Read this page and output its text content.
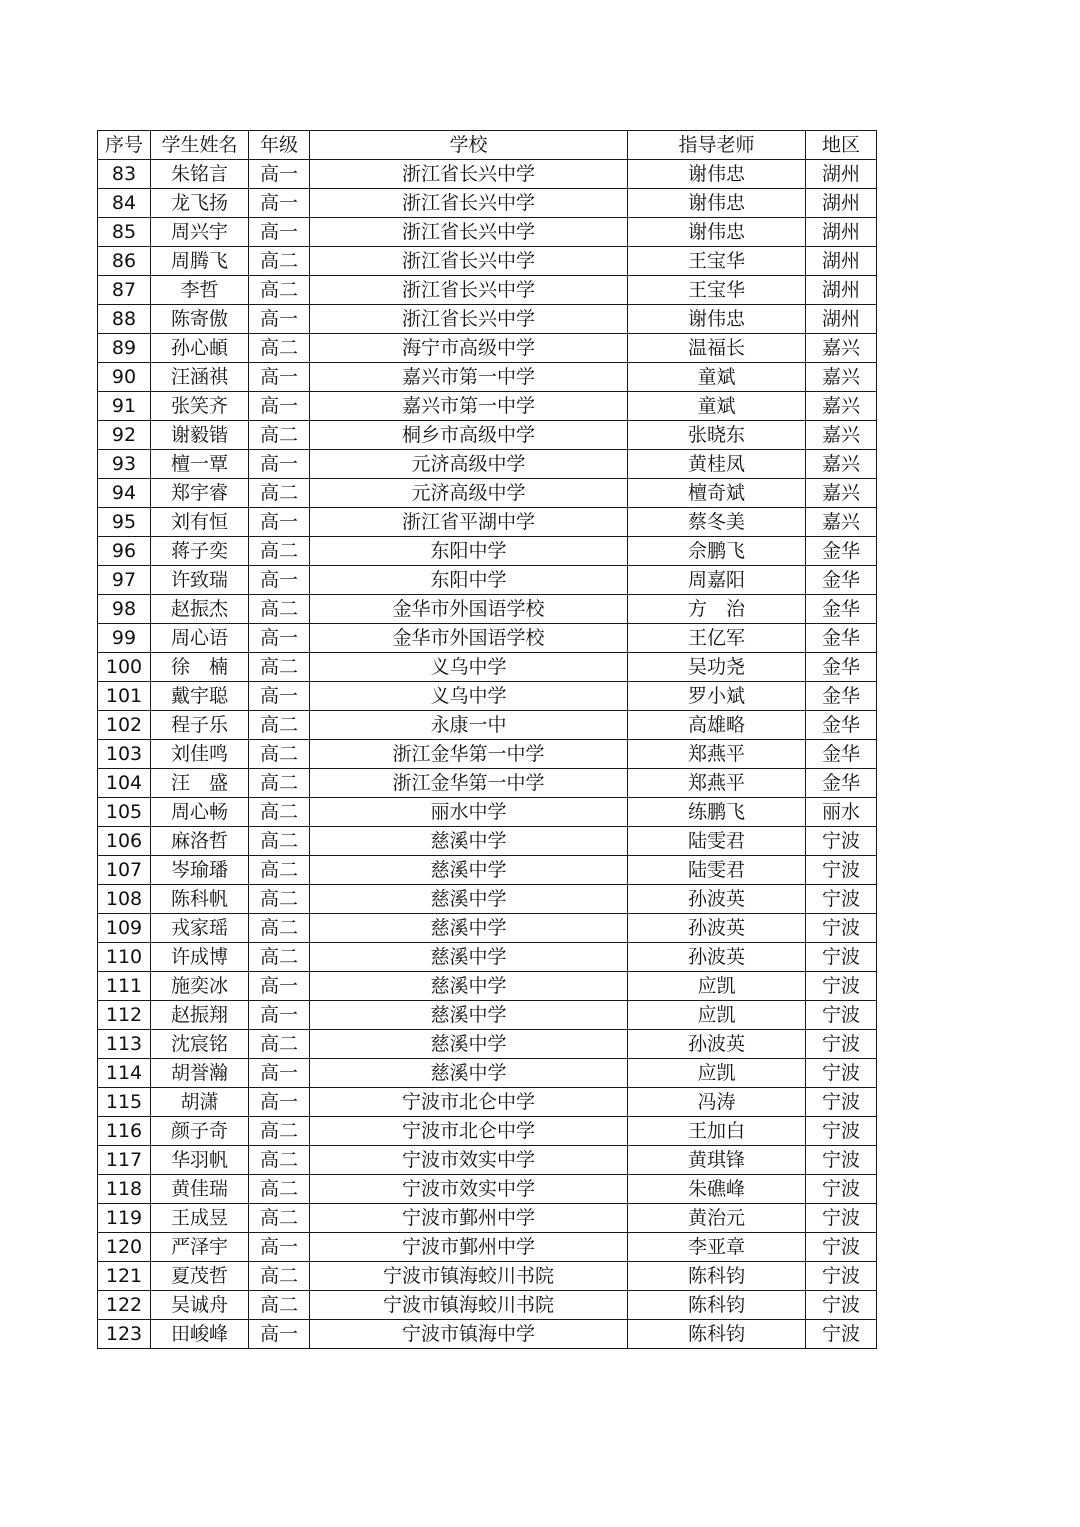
序号	学生姓名	年级	学校	指导老师	地区
83	朱铭言	高一	浙江省长兴中学	谢伟忠	湖州
84	龙飞扬	高一	浙江省长兴中学	谢伟忠	湖州
85	周兴宇	高一	浙江省长兴中学	谢伟忠	湖州
86	周腾飞	高二	浙江省长兴中学	王宝华	湖州
87	李哲	高二	浙江省长兴中学	王宝华	湖州
88	陈寄傲	高一	浙江省长兴中学	谢伟忠	湖州
89	孙心頔	高二	海宁市高级中学	温福长	嘉兴
90	汪涵祺	高一	嘉兴市第一中学	童斌	嘉兴
91	张笑齐	高一	嘉兴市第一中学	童斌	嘉兴
92	谢毅锴	高二	桐乡市高级中学	张晓东	嘉兴
93	檀一覃	高一	元济高级中学	黄桂凤	嘉兴
94	郑宇睿	高二	元济高级中学	檀奇斌	嘉兴
95	刘有恒	高一	浙江省平湖中学	蔡冬美	嘉兴
96	蒋子奕	高二	东阳中学	佘鹏飞	金华
97	许致瑞	高一	东阳中学	周嘉阳	金华
98	赵振杰	高二	金华市外国语学校	方　治	金华
99	周心语	高一	金华市外国语学校	王亿军	金华
100	徐　楠	高二	义乌中学	吴功尧	金华
101	戴宇聪	高一	义乌中学	罗小斌	金华
102	程子乐	高二	永康一中	高雄略	金华
103	刘佳鸣	高二	浙江金华第一中学	郑燕平	金华
104	汪　盛	高二	浙江金华第一中学	郑燕平	金华
105	周心畅	高二	丽水中学	练鹏飞	丽水
106	麻洛哲	高二	慈溪中学	陆雯君	宁波
107	岑瑜璠	高二	慈溪中学	陆雯君	宁波
108	陈科帆	高二	慈溪中学	孙波英	宁波
109	戎家瑶	高二	慈溪中学	孙波英	宁波
110	许成博	高二	慈溪中学	孙波英	宁波
111	施奕冰	高一	慈溪中学	应凯	宁波
112	赵振翔	高一	慈溪中学	应凯	宁波
113	沈宸铭	高二	慈溪中学	孙波英	宁波
114	胡誉瀚	高一	慈溪中学	应凯	宁波
115	胡潇	高一	宁波市北仑中学	冯涛	宁波
116	颜子奇	高二	宁波市北仑中学	王加白	宁波
117	华羽帆	高二	宁波市效实中学	黄琪锋	宁波
118	黄佳瑞	高二	宁波市效实中学	朱礁峰	宁波
119	王成昱	高二	宁波市鄞州中学	黄治元	宁波
120	严泽宇	高一	宁波市鄞州中学	李亚章	宁波
121	夏茂哲	高二	宁波市镇海蛟川书院	陈科钧	宁波
122	吴诚舟	高二	宁波市镇海蛟川书院	陈科钧	宁波
123	田峻峰	高一	宁波市镇海中学	陈科钧	宁波
